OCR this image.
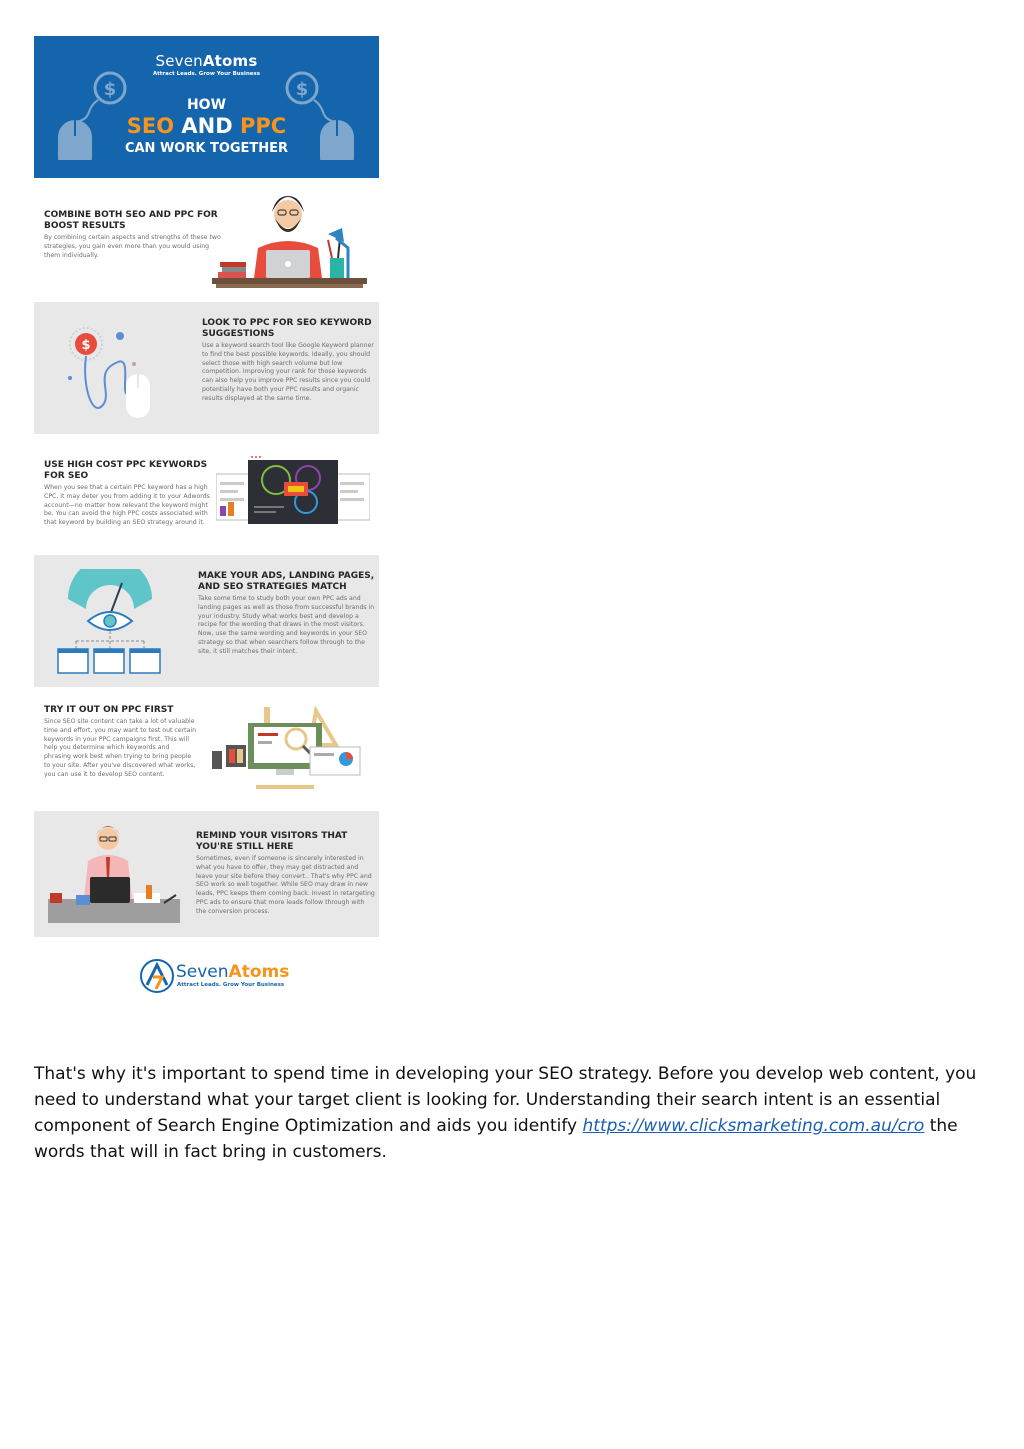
SevenAtoms
Attract Leads. Grow Your Business
$	$
HOW
SEO AND PPC
CAN WORK TOGETHER

COMBINE BOTH SEO AND PPC FOR BOOST RESULTS

By combining certain aspects and strengths of these two strategies, you gain even more than you would using them individually.

$

LOOK TO PPC FOR SEO KEYWORD SUGGESTIONS

Use a keyword search tool like Google Keyword planner to find the best possible keywords. Ideally, you should select those with high search volume but low competition. Improving your rank for those keywords can also help you improve PPC results since you could potentially have both your PPC results and organic results displayed at the same time.

USE HIGH COST PPC KEYWORDS FOR SEO

When you see that a certain PPC keyword has a high CPC, it may deter you from adding it to your Adwords account—no matter how relevant the keyword might be. You can avoid the high PPC costs associated with that keyword by building an SEO strategy around it.

MAKE YOUR ADS, LANDING PAGES, AND SEO STRATEGIES MATCH

Take some time to study both your own PPC ads and landing pages as well as those from successful brands in your industry. Study what works best and develop a recipe for the wording that draws in the most visitors. Now, use the same wording and keywords in your SEO strategy so that when searchers follow through to the site, it still matches their intent.

TRY IT OUT ON PPC FIRST

Since SEO site content can take a lot of valuable time and effort, you may want to test out certain keywords in your PPC campaigns first. This will help you determine which keywords and phrasing work best when trying to bring people to your site. After you've discovered what works, you can use it to develop SEO content.

REMIND YOUR VISITORS THAT YOU'RE STILL HERE

Sometimes, even if someone is sincerely interested in what you have to offer, they may get distracted and leave your site before they convert.. That's why PPC and SEO work so well together. While SEO may draw in new leads, PPC keeps them coming back. Invest in retargeting PPC ads to ensure that more leads follow through with the conversion process.

SevenAtoms
Attract Leads. Grow Your Business

That's why it's important to spend time in developing your SEO strategy. Before you develop web content, you need to understand what your target client is looking for. Understanding their search intent is an essential component of Search Engine Optimization and aids you identify https://www.clicksmarketing.com.au/cro the words that will in fact bring in customers.
